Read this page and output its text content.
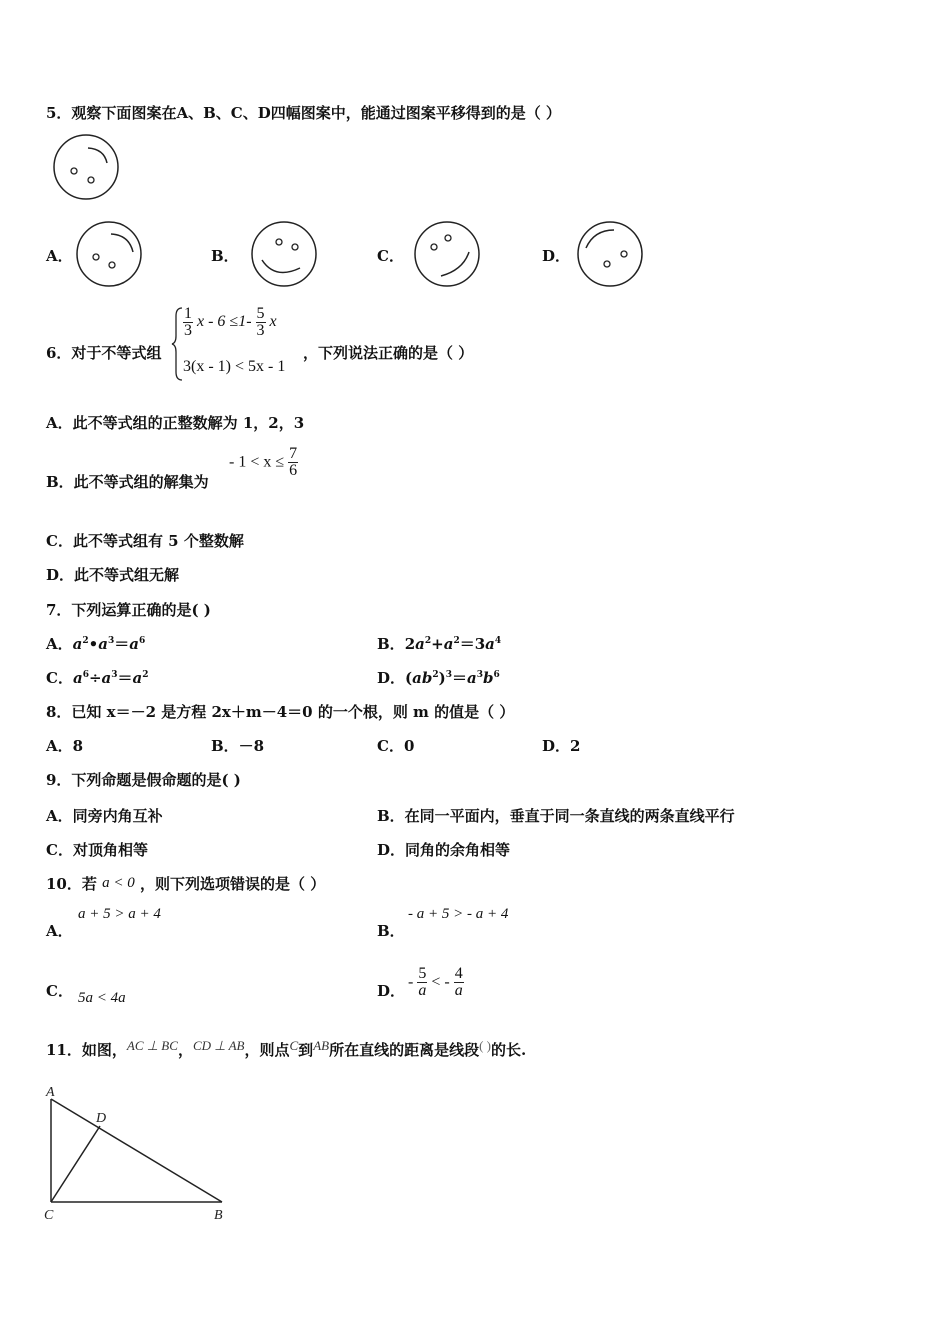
5．观察下面图案在A、B、C、D四幅图案中，能通过图案平移得到的是（ ）
A．	B．	C．	D．
6．对于不等式组
$\frac{1}{3}$ $x - 6 \le 1- \frac{5}{3}$ x
3(x - 1) < 5x - 1
，下列说法正确的是（ ）
A．此不等式组的正整数解为 1，2，3
B．此不等式组的解集为
- $1 < x \le \frac{7}{6}$
C．此不等式组有 5 个整数解
D．此不等式组无解
7．下列运算正确的是( )
A．$a^2•a^3=a^6$	B．$2a^2+a^2=3a^4$
C．$a^6\div a^3=a^2$	D．$(ab^2)^3=a^3b^6$
8．已知 x＝－2 是方程 2x＋m－4＝0 的一个根，则 m 的值是（ ）
A．8	B．－8	C．0	D．2
9．下列命题是假命题的是( )
A．同旁内角互补	B．在同一平面内，垂直于同一条直线的两条直线平行
C．对顶角相等	D．同角的余角相等
10．若 a < 0 ，则下列选项错误的是（ ）
A．
a + 5 > a + 4
B．
- a + 5 > - a + 4
C． 5a < 4a	D． - $\frac{5}{a}$ < - $\frac{4}{a}$
11．如图，AC ⊥ BC，CD ⊥ AB，则点C到AB所在直线的距离是线段( )的长.
A
D
C	B
